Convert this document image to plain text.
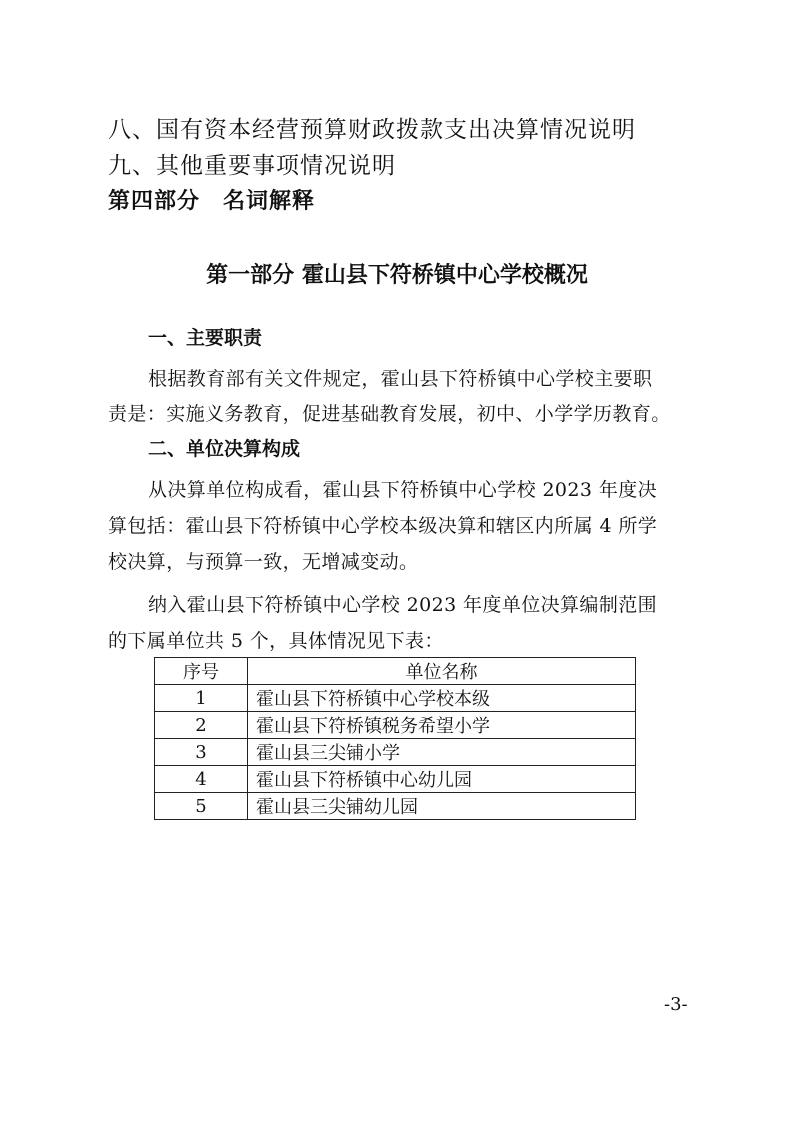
八、国有资本经营预算财政拨款支出决算情况说明
九、其他重要事项情况说明
第四部分　名词解释
第一部分 霍山县下符桥镇中心学校概况
一、主要职责
根据教育部有关文件规定，霍山县下符桥镇中心学校主要职
责是：实施义务教育，促进基础教育发展，初中、小学学历教育。
二、单位决算构成
从决算单位构成看，霍山县下符桥镇中心学校 2023 年度决
算包括：霍山县下符桥镇中心学校本级决算和辖区内所属 4 所学
校决算，与预算一致，无增减变动。
纳入霍山县下符桥镇中心学校 2023 年度单位决算编制范围
的下属单位共 5 个，具体情况见下表：
序号	单位名称
1	霍山县下符桥镇中心学校本级
2	霍山县下符桥镇税务希望小学
3	霍山县三尖铺小学
4	霍山县下符桥镇中心幼儿园
5	霍山县三尖铺幼儿园
-3-
